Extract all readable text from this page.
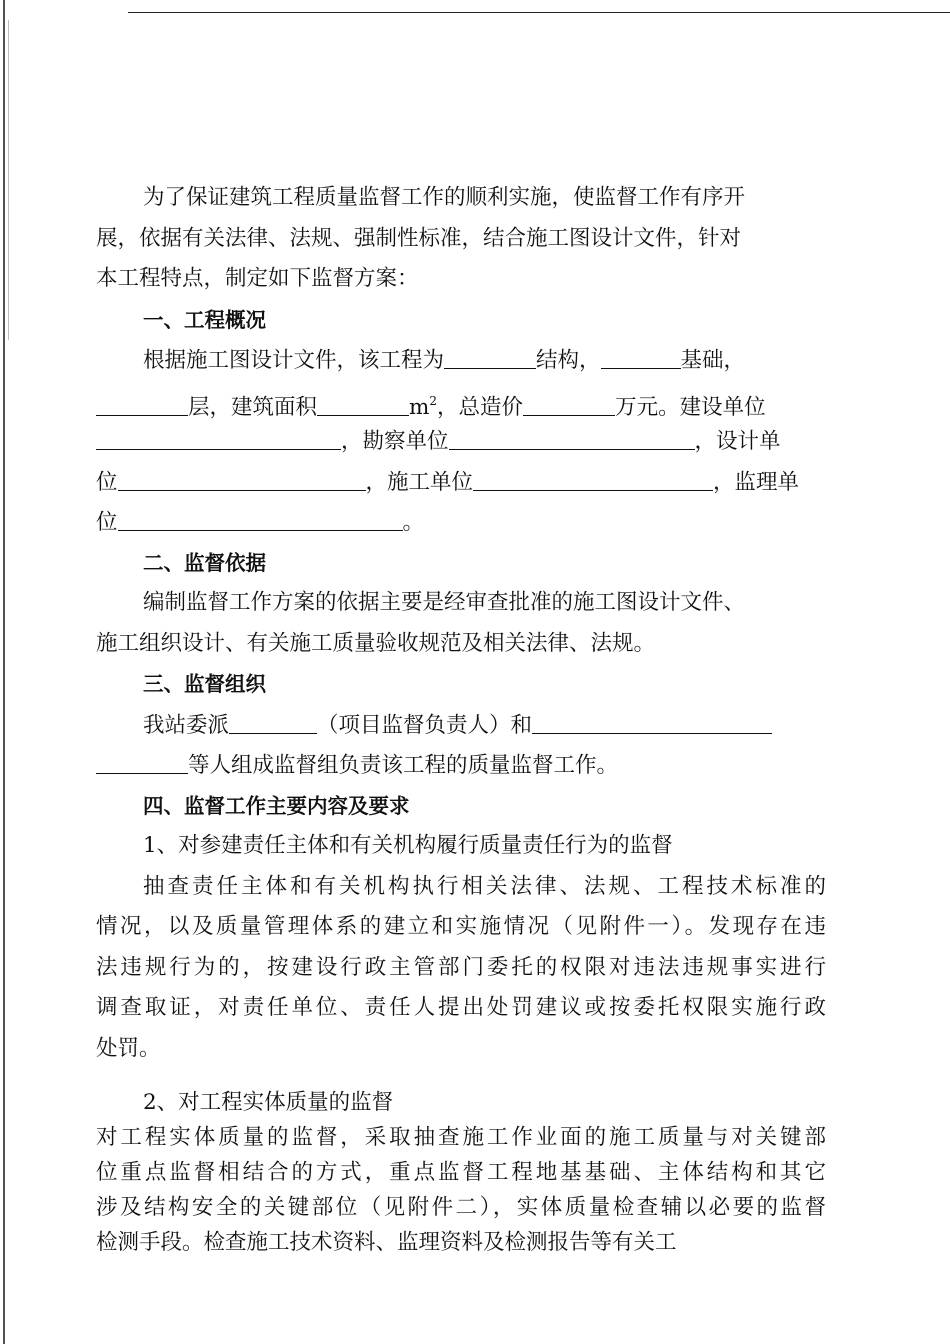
为了保证建筑工程质量监督工作的顺利实施，使监督工作有序开
展，依据有关法律、法规、强制性标准，结合施工图设计文件，针对
本工程特点，制定如下监督方案：
一、工程概况
根据施工图设计文件，该工程为	结构，	基础，
层，建筑面积	$m^2$，总造价	万元。建设单位
，勘察单位	，设计单
位	，施工单位	，监理单
位	。
二、监督依据
编制监督工作方案的依据主要是经审查批准的施工图设计文件、
施工组织设计、有关施工质量验收规范及相关法律、法规。
三、监督组织
我站委派	（项目监督负责人）和
等人组成监督组负责该工程的质量监督工作。
四、监督工作主要内容及要求
1、对参建责任主体和有关机构履行质量责任行为的监督
抽查责任主体和有关机构执行相关法律、法规、工程技术标准的
情况，以及质量管理体系的建立和实施情况（见附件一）。发现存在违
法违规行为的，按建设行政主管部门委托的权限对违法违规事实进行
调查取证，对责任单位、责任人提出处罚建议或按委托权限实施行政
处罚。
2、对工程实体质量的监督
对工程实体质量的监督，采取抽查施工作业面的施工质量与对关键部
位重点监督相结合的方式，重点监督工程地基基础、主体结构和其它
涉及结构安全的关键部位（见附件二），实体质量检查辅以必要的监督
检测手段。检查施工技术资料、监理资料及检测报告等有关工
